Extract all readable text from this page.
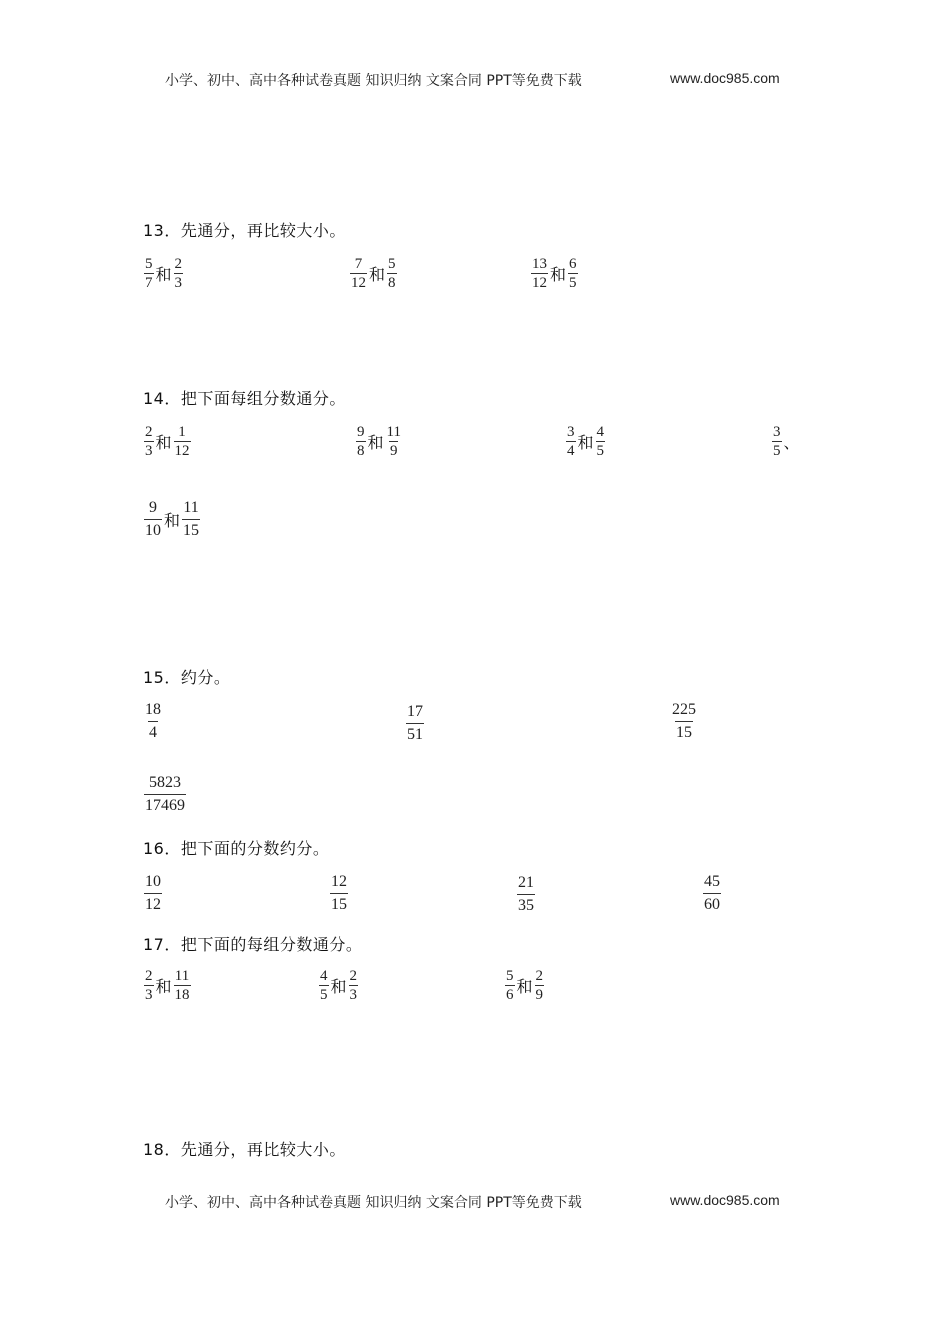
小学、初中、高中各种试卷真题 知识归纳 文案合同 PPT等免费下载	www.doc985.com
13．先通分，再比较大小。
$\frac{5}{7}$ 和 $\frac{2}{3}$	$\frac{7}{12}$ 和 $\frac{5}{8}$	$\frac{13}{12}$ 和 $\frac{6}{5}$
14．把下面每组分数通分。
$\frac{2}{3}$ 和 $\frac{1}{12}$	$\frac{9}{8}$ 和 $\frac{11}{9}$	$\frac{3}{4}$ 和 $\frac{4}{5}$	$\frac{3}{5}$ 、
$\frac{9}{10}$ 和 $\frac{11}{15}$
15．约分。
$\frac{18}{4}$	$\frac{17}{51}$	$\frac{225}{15}$
$\frac{5823}{17469}$
16．把下面的分数约分。
$\frac{10}{12}$	$\frac{12}{15}$	$\frac{21}{35}$	$\frac{45}{60}$
17．把下面的每组分数通分。
$\frac{2}{3}$ 和 $\frac{11}{18}$	$\frac{4}{5}$ 和 $\frac{2}{3}$	$\frac{5}{6}$ 和 $\frac{2}{9}$
18．先通分，再比较大小。
小学、初中、高中各种试卷真题 知识归纳 文案合同 PPT等免费下载	www.doc985.com
